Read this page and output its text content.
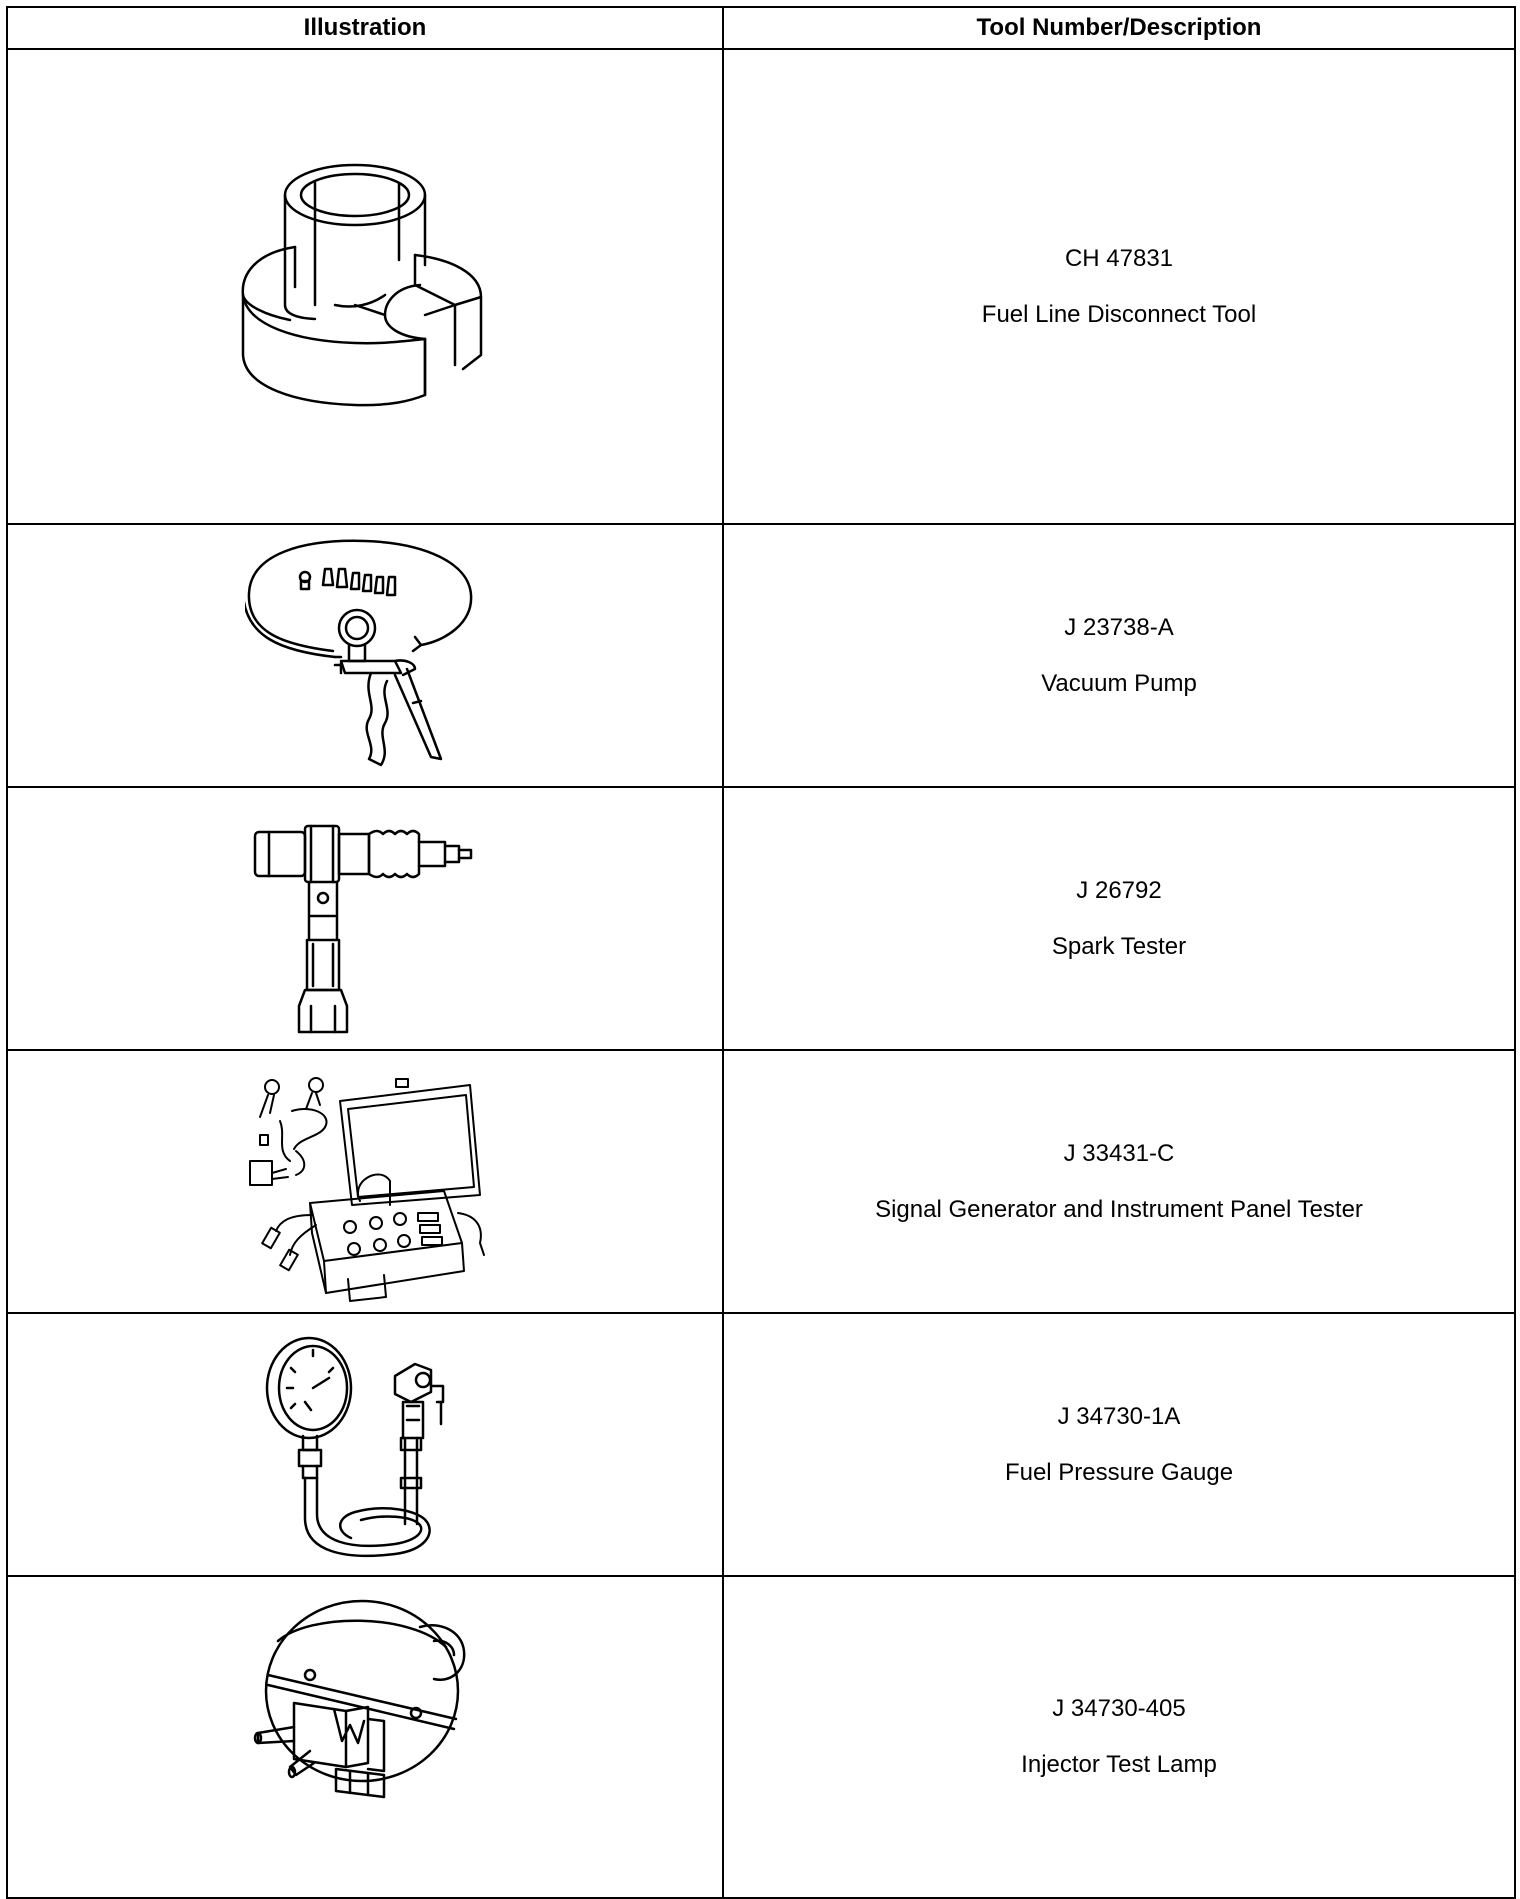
Illustration	Tool Number/Description

CH 47831
Fuel Line Disconnect Tool

J 23738-A
Vacuum Pump

J 26792
Spark Tester

J 33431-C
Signal Generator and Instrument Panel Tester

J 34730-1A
Fuel Pressure Gauge

J 34730-405
Injector Test Lamp
